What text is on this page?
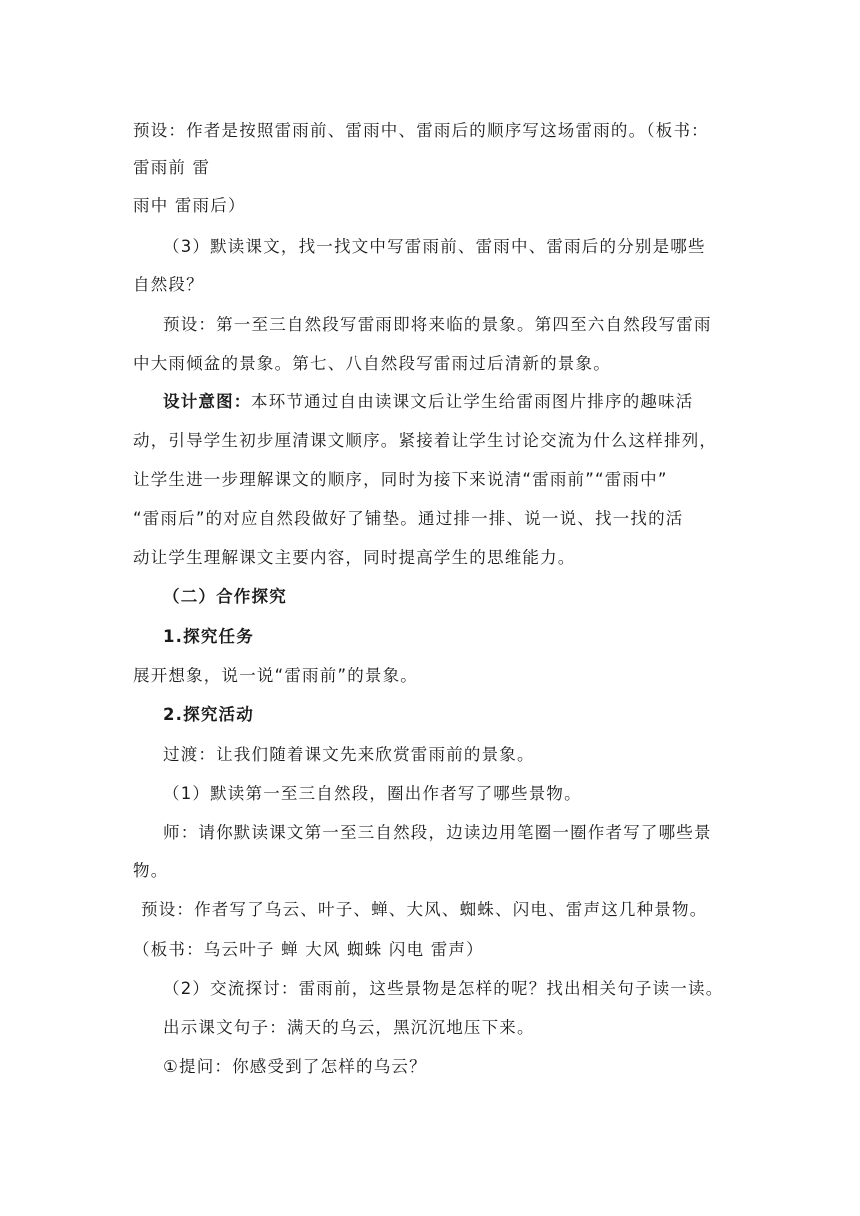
预设：作者是按照雷雨前、雷雨中、雷雨后的顺序写这场雷雨的。（板书：
雷雨前 雷
雨中 雷雨后）
（3）默读课文，找一找文中写雷雨前、雷雨中、雷雨后的分别是哪些
自然段？
预设：第一至三自然段写雷雨即将来临的景象。第四至六自然段写雷雨
中大雨倾盆的景象。第七、八自然段写雷雨过后清新的景象。
设计意图： 本环节通过自由读课文后让学生给雷雨图片排序的趣味活
动，引导学生初步厘清课文顺序。紧接着让学生讨论交流为什么这样排列，
让学生进一步理解课文的顺序，同时为接下来说清“雷雨前”“雷雨中”
“雷雨后”的对应自然段做好了铺垫。通过排一排、说一说、找一找的活
动让学生理解课文主要内容，同时提高学生的思维能力。
（二）合作探究
1.探究任务
展开想象，说一说“雷雨前”的景象。
2.探究活动
过渡：让我们随着课文先来欣赏雷雨前的景象。
（1）默读第一至三自然段，圈出作者写了哪些景物。
师：请你默读课文第一至三自然段，边读边用笔圈一圈作者写了哪些景
物。
预设：作者写了乌云、叶子、蝉、大风、蜘蛛、闪电、雷声这几种景物。
（板书：乌云叶子 蝉 大风 蜘蛛 闪电 雷声）
（2）交流探讨：雷雨前，这些景物是怎样的呢？找出相关句子读一读。
出示课文句子：满天的乌云，黑沉沉地压下来。
①提问：你感受到了怎样的乌云？
